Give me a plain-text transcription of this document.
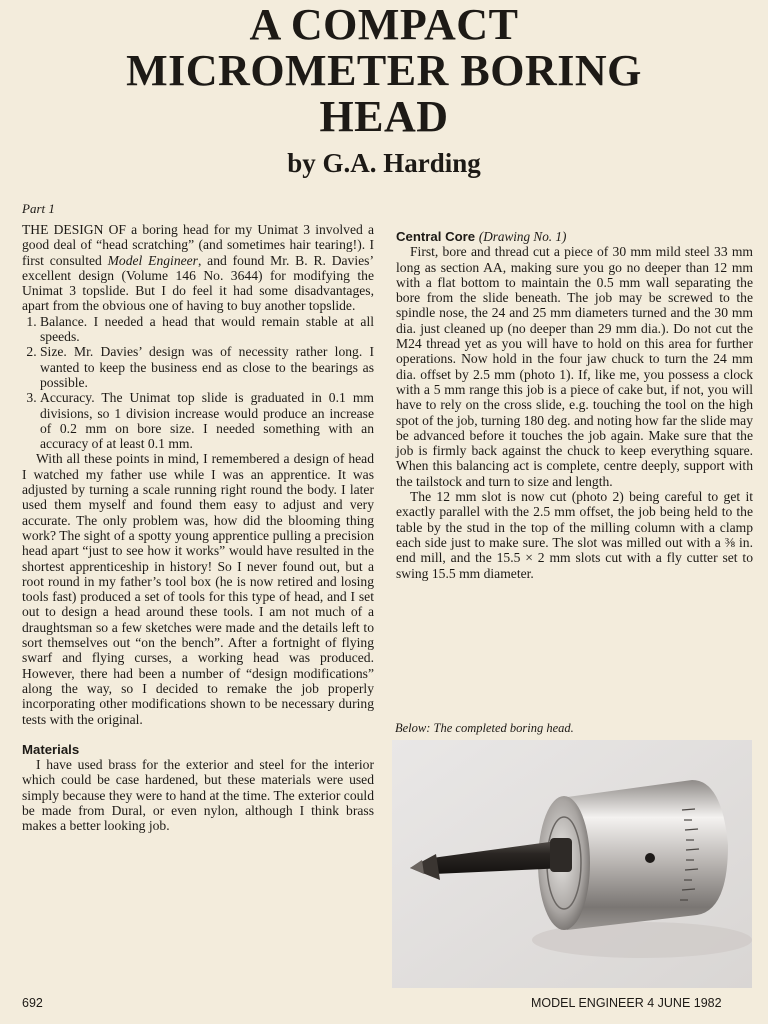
A COMPACT
MICROMETER BORING
HEAD
by G.A. Harding
Part 1

THE DESIGN OF a boring head for my Unimat 3 involved a good deal of “head scratching” (and sometimes hair tearing!). I first consulted Model Engineer, and found Mr. B. R. Davies’ excellent design (Volume 146 No. 3644) for modifying the Unimat 3 topslide. But I do feel it had some disadvantages, apart from the obvious one of having to buy another topslide.

1. Balance. I needed a head that would remain stable at all speeds.
2. Size. Mr. Davies’ design was of necessity rather long. I wanted to keep the business end as close to the bearings as possible.
3. Accuracy. The Unimat top slide is graduated in 0.1 mm divisions, so 1 division increase would produce an increase of 0.2 mm on bore size. I needed something with an accuracy of at least 0.1 mm.

With all these points in mind, I remembered a design of head I watched my father use while I was an apprentice. It was adjusted by turning a scale running right round the body. I later used them myself and found them easy to adjust and very accurate. The only problem was, how did the blooming thing work? The sight of a spotty young apprentice pulling a precision head apart “just to see how it works” would have resulted in the shortest apprenticeship in history! So I never found out, but a root round in my father’s tool box (he is now retired and losing tools fast) produced a set of tools for this type of head, and I set out to design a head around these tools. I am not much of a draughtsman so a few sketches were made and the details left to sort themselves out “on the bench”. After a fortnight of flying swarf and flying curses, a working head was produced. However, there had been a number of “design modifications” along the way, so I decided to remake the job properly incorporating other modifications shown to be necessary during tests with the original.

Materials

I have used brass for the exterior and steel for the interior which could be case hardened, but these materials were used simply because they were to hand at the time. The exterior could be made from Dural, or even nylon, although I think brass makes a better looking job.

Central Core (Drawing No. 1)

First, bore and thread cut a piece of 30 mm mild steel 33 mm long as section AA, making sure you go no deeper than 12 mm with a flat bottom to maintain the 0.5 mm wall separating the bore from the slide beneath. The job may be screwed to the spindle nose, the 24 and 25 mm diameters turned and the 30 mm dia. just cleaned up (no deeper than 29 mm dia.). Do not cut the M24 thread yet as you will have to hold on this area for further operations. Now hold in the four jaw chuck to turn the 24 mm dia. offset by 2.5 mm (photo 1). If, like me, you possess a clock with a 5 mm range this job is a piece of cake but, if not, you will have to rely on the cross slide, e.g. touching the tool on the high spot of the job, turning 180 deg. and noting how far the slide may be advanced before it touches the job again. Make sure that the job is firmly back against the chuck to keep everything square. When this balancing act is complete, centre deeply, support with the tailstock and turn to size and length.

The 12 mm slot is now cut (photo 2) being careful to get it exactly parallel with the 2.5 mm offset, the job being held to the table by the stud in the top of the milling column with a clamp each side just to make sure. The slot was milled out with a ⅜ in. end mill, and the 15.5 × 2 mm slots cut with a fly cutter set to swing 15.5 mm diameter.

Below: The completed boring head.
692	MODEL ENGINEER 4 JUNE 1982
